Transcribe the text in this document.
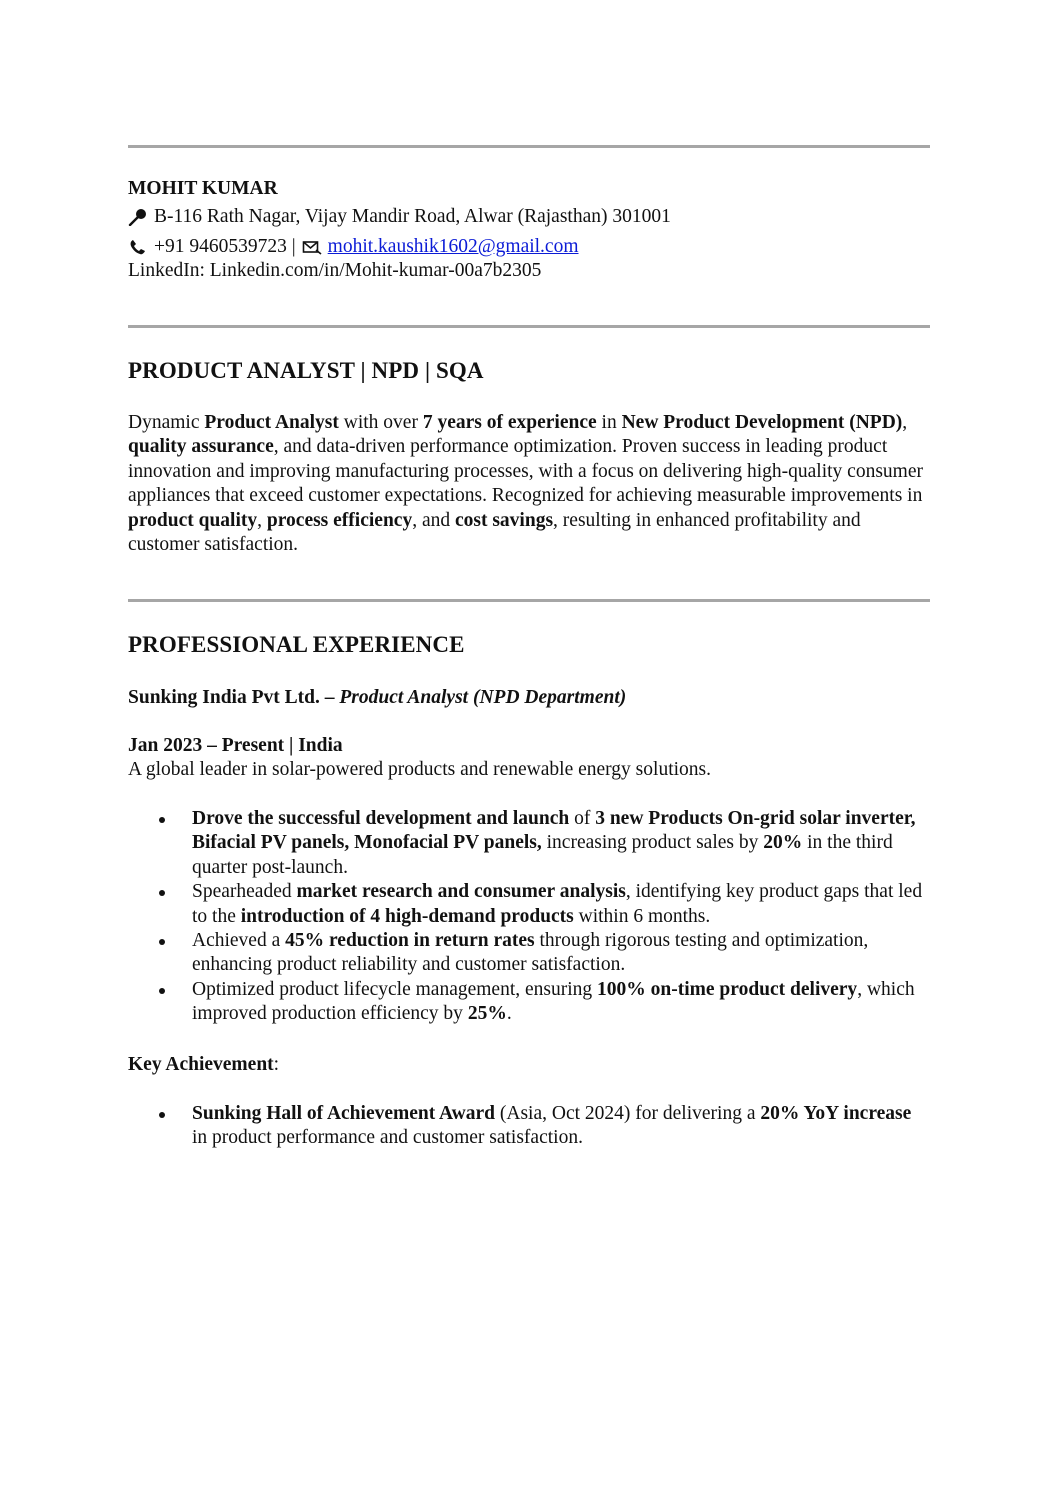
MOHIT KUMAR
B-116 Rath Nagar, Vijay Mandir Road, Alwar (Rajasthan) 301001
+91 9460539723 | mohit.kaushik1602@gmail.com
LinkedIn: Linkedin.com/in/Mohit-kumar-00a7b2305
PRODUCT ANALYST | NPD | SQA
Dynamic Product Analyst with over 7 years of experience in New Product Development (NPD), quality assurance, and data-driven performance optimization. Proven success in leading product innovation and improving manufacturing processes, with a focus on delivering high-quality consumer appliances that exceed customer expectations. Recognized for achieving measurable improvements in product quality, process efficiency, and cost savings, resulting in enhanced profitability and customer satisfaction.
PROFESSIONAL EXPERIENCE
Sunking India Pvt Ltd. – Product Analyst (NPD Department)
Jan 2023 – Present | India
A global leader in solar-powered products and renewable energy solutions.
Drove the successful development and launch of 3 new Products On-grid solar inverter, Bifacial PV panels, Monofacial PV panels, increasing product sales by 20% in the third quarter post-launch.
Spearheaded market research and consumer analysis, identifying key product gaps that led to the introduction of 4 high-demand products within 6 months.
Achieved a 45% reduction in return rates through rigorous testing and optimization, enhancing product reliability and customer satisfaction.
Optimized product lifecycle management, ensuring 100% on-time product delivery, which improved production efficiency by 25%.
Key Achievement:
Sunking Hall of Achievement Award (Asia, Oct 2024) for delivering a 20% YoY increase in product performance and customer satisfaction.
